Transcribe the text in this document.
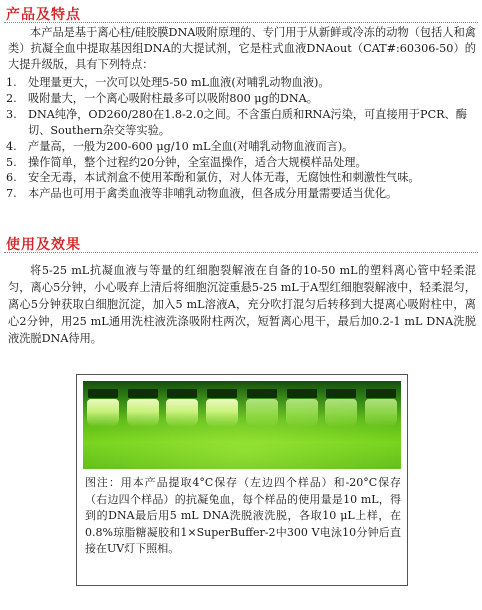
产品及特点
本产品是基于离心柱/硅胶膜DNA吸附原理的、专门用于从新鲜或冷冻的动物（包括人和禽类）抗凝全血中提取基因组DNA的大提试剂，它是柱式血液DNAout（CAT#:60306-50）的大提升级版，具有下列特点：
1.	处理量更大，一次可以处理5-50 mL血液(对哺乳动物血液)。
2.	吸附量大，一个离心吸附柱最多可以吸附800 μg的DNA。
3.	DNA纯净，OD260/280在1.8-2.0之间。不含蛋白质和RNA污染，可直接用于PCR、酶切、Southern杂交等实验。
4.	产量高，一般为200-600 μg/10 mL全血(对哺乳动物血液而言)。
5.	操作简单，整个过程约20分钟，全室温操作，适合大规模样品处理。
6.	安全无毒，本试剂盒不使用苯酚和氯仿，对人体无毒，无腐蚀性和刺激性气味。
7.	本产品也可用于禽类血液等非哺乳动物血液，但各成分用量需要适当优化。
使用及效果
将5-25 mL抗凝血液与等量的红细胞裂解液在自备的10-50 mL的塑料离心管中轻柔混匀，离心5分钟，小心吸弃上清后将细胞沉淀重悬5-25 mL于A型红细胞裂解液中，轻柔混匀，离心5分钟获取白细胞沉淀，加入5 mL溶液A，充分吹打混匀后转移到大提离心吸附柱中，离心2分钟，用25 mL通用洗柱液洗涤吸附柱两次，短暂离心甩干，最后加0.2-1 mL DNA洗脱液洗脱DNA待用。
图注：用本产品提取4°C保存（左边四个样品）和-20°C保存（右边四个样品）的抗凝兔血，每个样品的使用量是10 mL，得到的DNA最后用5 mL DNA洗脱液洗脱，各取10 μL上样，在0.8%琼脂糖凝胶和1×SuperBuffer-2中300 V电泳10分钟后直接在UV灯下照相。
